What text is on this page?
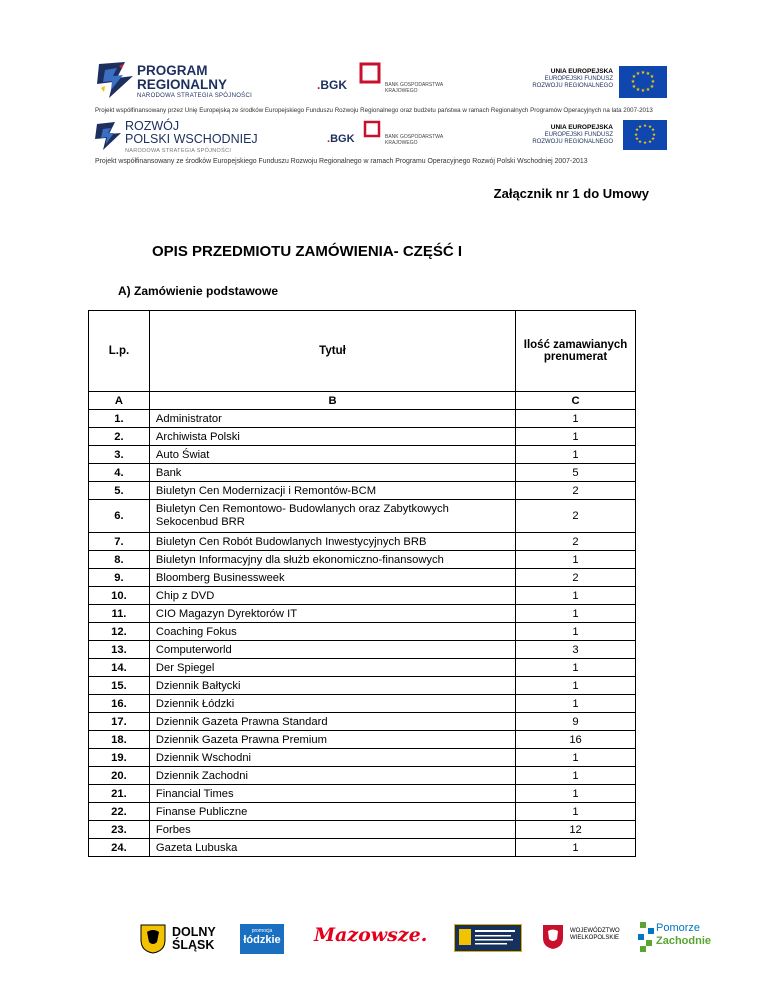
PROGRAM
REGIONALNY
NARODOWA STRATEGIA SPÓJNOŚCI
.BGK	BANK GOSPODARSTWA
KRAJOWEGO
UNIA EUROPEJSKA
EUROPEJSKI FUNDUSZ
ROZWOJU REGIONALNEGO
★ ★ ★
★
★
★
★
★
★
★
★ ★
Projekt współfinansowany przez Unię Europejską ze środków Europejskiego Funduszu Rozwoju Regionalnego oraz budżetu państwa w ramach Regionalnych Programów Operacyjnych na lata 2007-2013
ROZWÓJ
POLSKI WSCHODNIEJ
NARODOWA STRATEGIA SPÓJNOŚCI
.BGK	BANK GOSPODARSTWA
KRAJOWEGO
UNIA EUROPEJSKA
EUROPEJSKI FUNDUSZ
ROZWOJU REGIONALNEGO
★ ★
★
★
★
★
★
★
★
★
★
★
Projekt współfinansowany ze środków Europejskiego Funduszu Rozwoju Regionalnego w ramach Programu Operacyjnego Rozwój Polski Wschodniej 2007-2013
Załącznik nr 1 do Umowy
OPIS PRZEDMIOTU ZAMÓWIENIA- CZĘŚĆ I
A) Zamówienie podstawowe
L.p.	Tytuł	Ilość zamawianych
prenumerat
A	B	C
1.	Administrator	1
2.	Archiwista Polski	1
3.	Auto Świat	1
4.	Bank	5
5.	Biuletyn Cen Modernizacji i Remontów-BCM	2
6.	Biuletyn Cen Remontowo- Budowlanych oraz Zabytkowych
Sekocenbud BRR	2
7.	Biuletyn Cen Robót Budowlanych Inwestycyjnych BRB	2
8.	Biuletyn Informacyjny dla służb ekonomiczno-finansowych	1
9.	Bloomberg Businessweek	2
10.	Chip z DVD	1
11.	CIO Magazyn Dyrektorów IT	1
12.	Coaching Fokus	1
13.	Computerworld	3
14.	Der Spiegel	1
15.	Dziennik Bałtycki	1
16.	Dziennik Łódzki	1
17.	Dziennik Gazeta Prawna Standard	9
18.	Dziennik Gazeta Prawna Premium	16
19.	Dziennik Wschodni	1
20.	Dziennik Zachodni	1
21.	Financial Times	1
22.	Finanse Publiczne	1
23.	Forbes	12
24.	Gazeta Lubuska	1
DOLNY
ŚLĄSK
promocja
łódzkie Mazowsze.	WOJEWÓDZTWO
WIELKOPOLSKIE
Pomorze
Zachodnie
